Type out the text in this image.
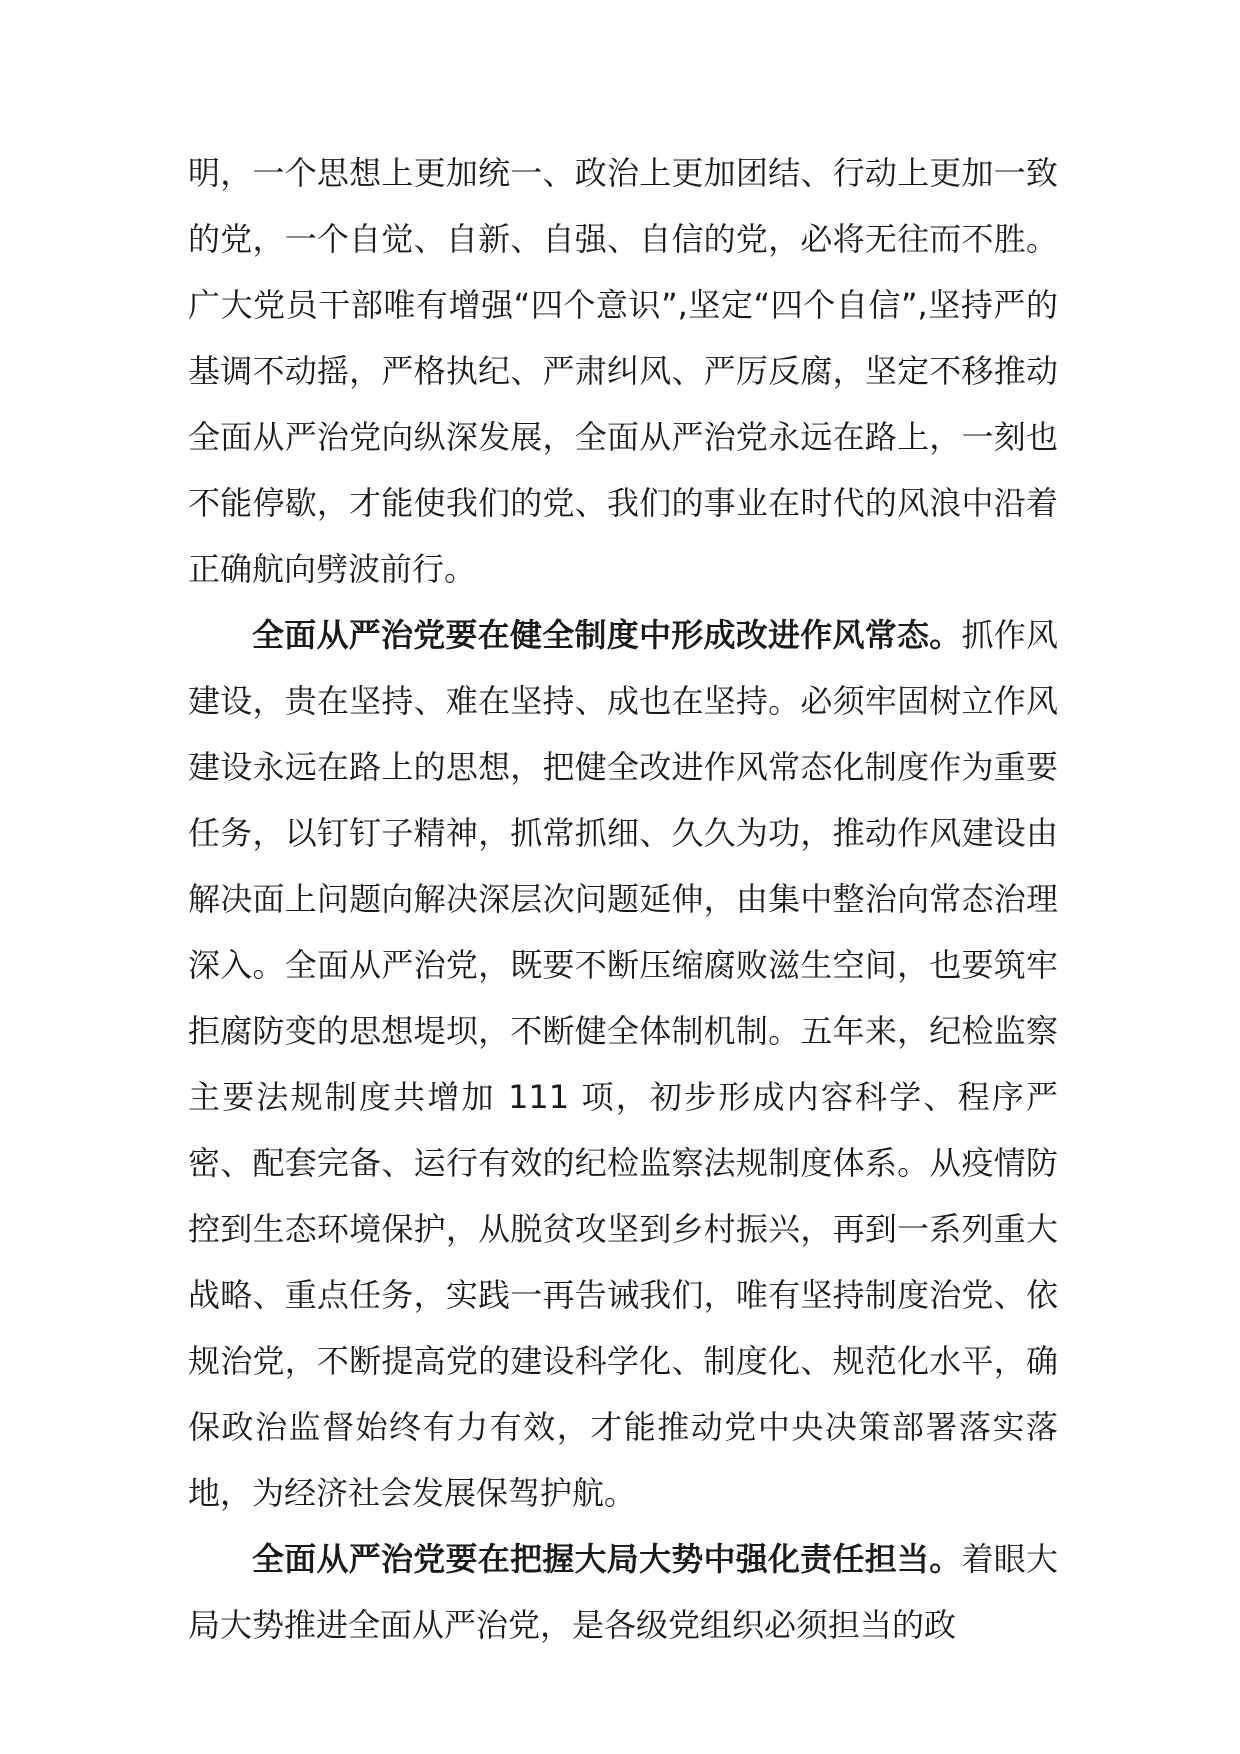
明，一个思想上更加统一、政治上更加团结、行动上更加一致的党，一个自觉、自新、自强、自信的党，必将无往而不胜。广大党员干部唯有增强“四个意识”,坚定“四个自信”,坚持严的基调不动摇，严格执纪、严肃纠风、严厉反腐，坚定不移推动全面从严治党向纵深发展，全面从严治党永远在路上，一刻也不能停歇，才能使我们的党、我们的事业在时代的风浪中沿着正确航向劈波前行。

全面从严治党要在健全制度中形成改进作风常态。抓作风建设，贵在坚持、难在坚持、成也在坚持。必须牢固树立作风建设永远在路上的思想，把健全改进作风常态化制度作为重要任务，以钉钉子精神，抓常抓细、久久为功，推动作风建设由解决面上问题向解决深层次问题延伸，由集中整治向常态治理深入。全面从严治党，既要不断压缩腐败滋生空间，也要筑牢拒腐防变的思想堤坝，不断健全体制机制。五年来，纪检监察主要法规制度共增加 111 项，初步形成内容科学、程序严密、配套完备、运行有效的纪检监察法规制度体系。从疫情防控到生态环境保护，从脱贫攻坚到乡村振兴，再到一系列重大战略、重点任务，实践一再告诫我们，唯有坚持制度治党、依规治党，不断提高党的建设科学化、制度化、规范化水平，确保政治监督始终有力有效，才能推动党中央决策部署落实落地，为经济社会发展保驾护航。

全面从严治党要在把握大局大势中强化责任担当。着眼大局大势推进全面从严治党，是各级党组织必须担当的政
